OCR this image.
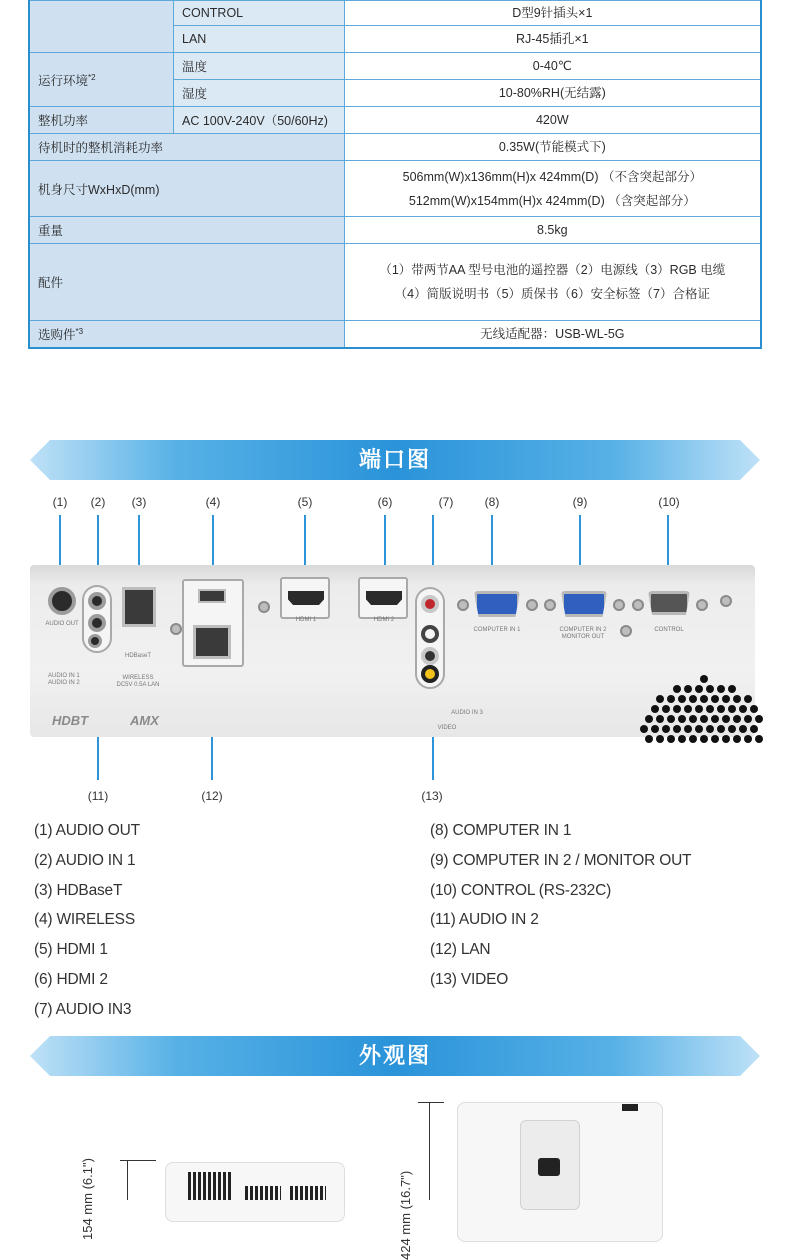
	CONTROL	D型9针插头×1
	LAN	RJ-45插孔×1
运行环境$^{*2}$	温度	0-40℃
	湿度	10-80%RH(无结露)
整机功率	AC 100V-240V（50/60Hz)	420W
待机时的整机消耗功率		0.35W(节能模式下)
机身尺寸WxHxD(mm)		506mm(W)x136mm(H)x 424mm(D) （不含突起部分）
512mm(W)x154mm(H)x 424mm(D) （含突起部分）

重量		8.5kg
配件		（1）带两节AA 型号电池的遥控器（2）电源线（3）RGB 电缆
（4）简版说明书（5）质保书（6）安全标签（7）合格证

选购件$^{*3}$		无线适配器：USB-WL-5G
端口图
(1)	(2)	(3)	(4)	(5)	(6)	(7)	(8)	(9)	(10)
AUDIO OUT
AUDIO IN 1 AUDIO IN 2
HDBaseT
WIRELESS DC5V 0.5A LAN
HDMI 1	HDMI 2
AUDIO IN 3
VIDEO
COMPUTER IN 1	COMPUTER IN 2 MONITOR OUT
CONTROL
HDBT	AMX
(11)	(12)	(13)
(1) AUDIO OUT
(2) AUDIO IN 1
(3) HDBaseT
(4) WIRELESS
(5) HDMI 1
(6) HDMI 2
(7) AUDIO IN3
(8) COMPUTER IN 1
(9) COMPUTER IN 2 / MONITOR OUT
(10) CONTROL (RS-232C)
(11) AUDIO IN 2
(12) LAN
(13) VIDEO
外观图
154 mm (6.1")	424 mm (16.7")
